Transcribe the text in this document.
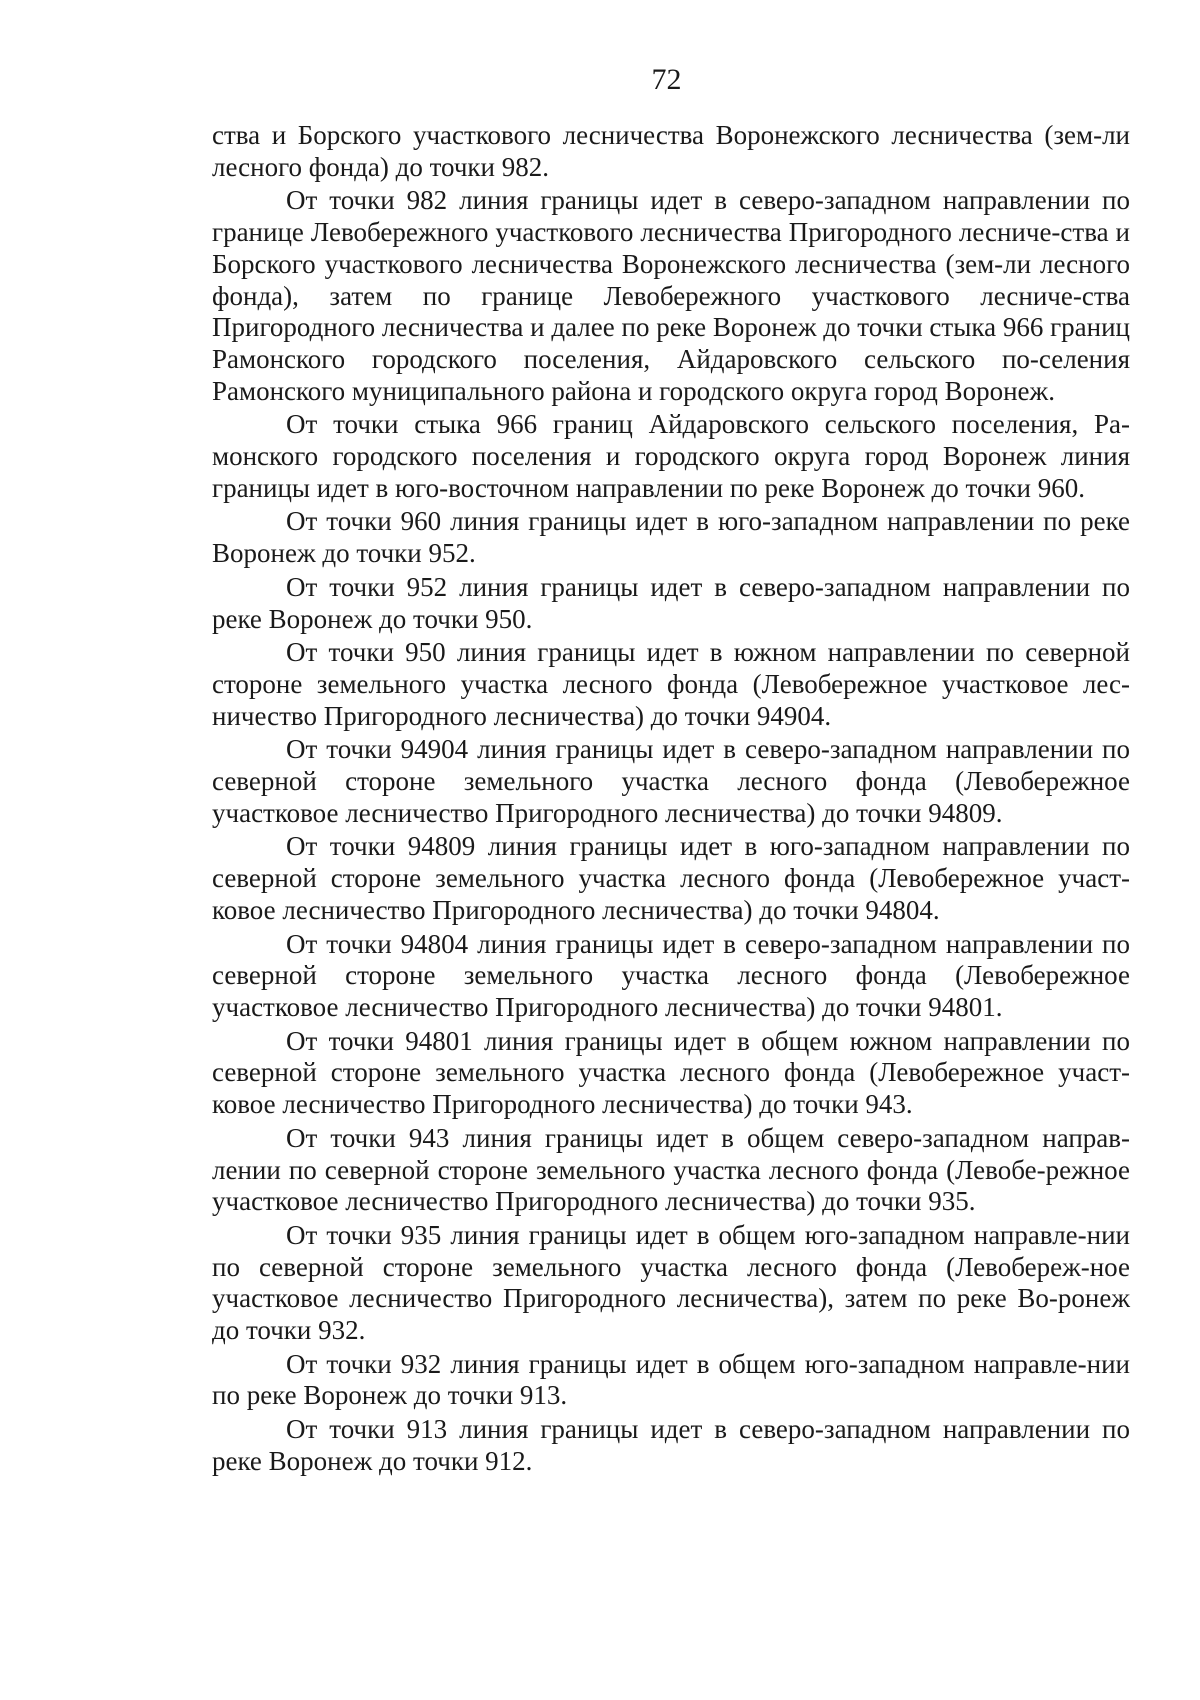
72

ства и Борского участкового лесничества Воронежского лесничества (зем-ли лесного фонда) до точки 982.

От точки 982 линия границы идет в северо-западном направлении по границе Левобережного участкового лесничества Пригородного лесниче-ства и Борского участкового лесничества Воронежского лесничества (зем-ли лесного фонда), затем по границе Левобережного участкового лесниче-ства Пригородного лесничества и далее по реке Воронеж до точки стыка 966 границ Рамонского городского поселения, Айдаровского сельского по-селения Рамонского муниципального района и городского округа город Воронеж.

От точки стыка 966 границ Айдаровского сельского поселения, Ра-монского городского поселения и городского округа город Воронеж линия границы идет в юго-восточном направлении по реке Воронеж до точки 960.

От точки 960 линия границы идет в юго-западном направлении по реке Воронеж до точки 952.

От точки 952 линия границы идет в северо-западном направлении по реке Воронеж до точки 950.

От точки 950 линия границы идет в южном направлении по северной стороне земельного участка лесного фонда (Левобережное участковое лес-ничество Пригородного лесничества) до точки 94904.

От точки 94904 линия границы идет в северо-западном направлении по северной стороне земельного участка лесного фонда (Левобережное участковое лесничество Пригородного лесничества) до точки 94809.

От точки 94809 линия границы идет в юго-западном направлении по северной стороне земельного участка лесного фонда (Левобережное участ-ковое лесничество Пригородного лесничества) до точки 94804.

От точки 94804 линия границы идет в северо-западном направлении по северной стороне земельного участка лесного фонда (Левобережное участковое лесничество Пригородного лесничества) до точки 94801.

От точки 94801 линия границы идет в общем южном направлении по северной стороне земельного участка лесного фонда (Левобережное участ-ковое лесничество Пригородного лесничества) до точки 943.

От точки 943 линия границы идет в общем северо-западном направ-лении по северной стороне земельного участка лесного фонда (Левобе-режное участковое лесничество Пригородного лесничества) до точки 935.

От точки 935 линия границы идет в общем юго-западном направле-нии по северной стороне земельного участка лесного фонда (Левобереж-ное участковое лесничество Пригородного лесничества), затем по реке Во-ронеж до точки 932.

От точки 932 линия границы идет в общем юго-западном направле-нии по реке Воронеж до точки 913.

От точки 913 линия границы идет в северо-западном направлении по реке Воронеж до точки 912.
